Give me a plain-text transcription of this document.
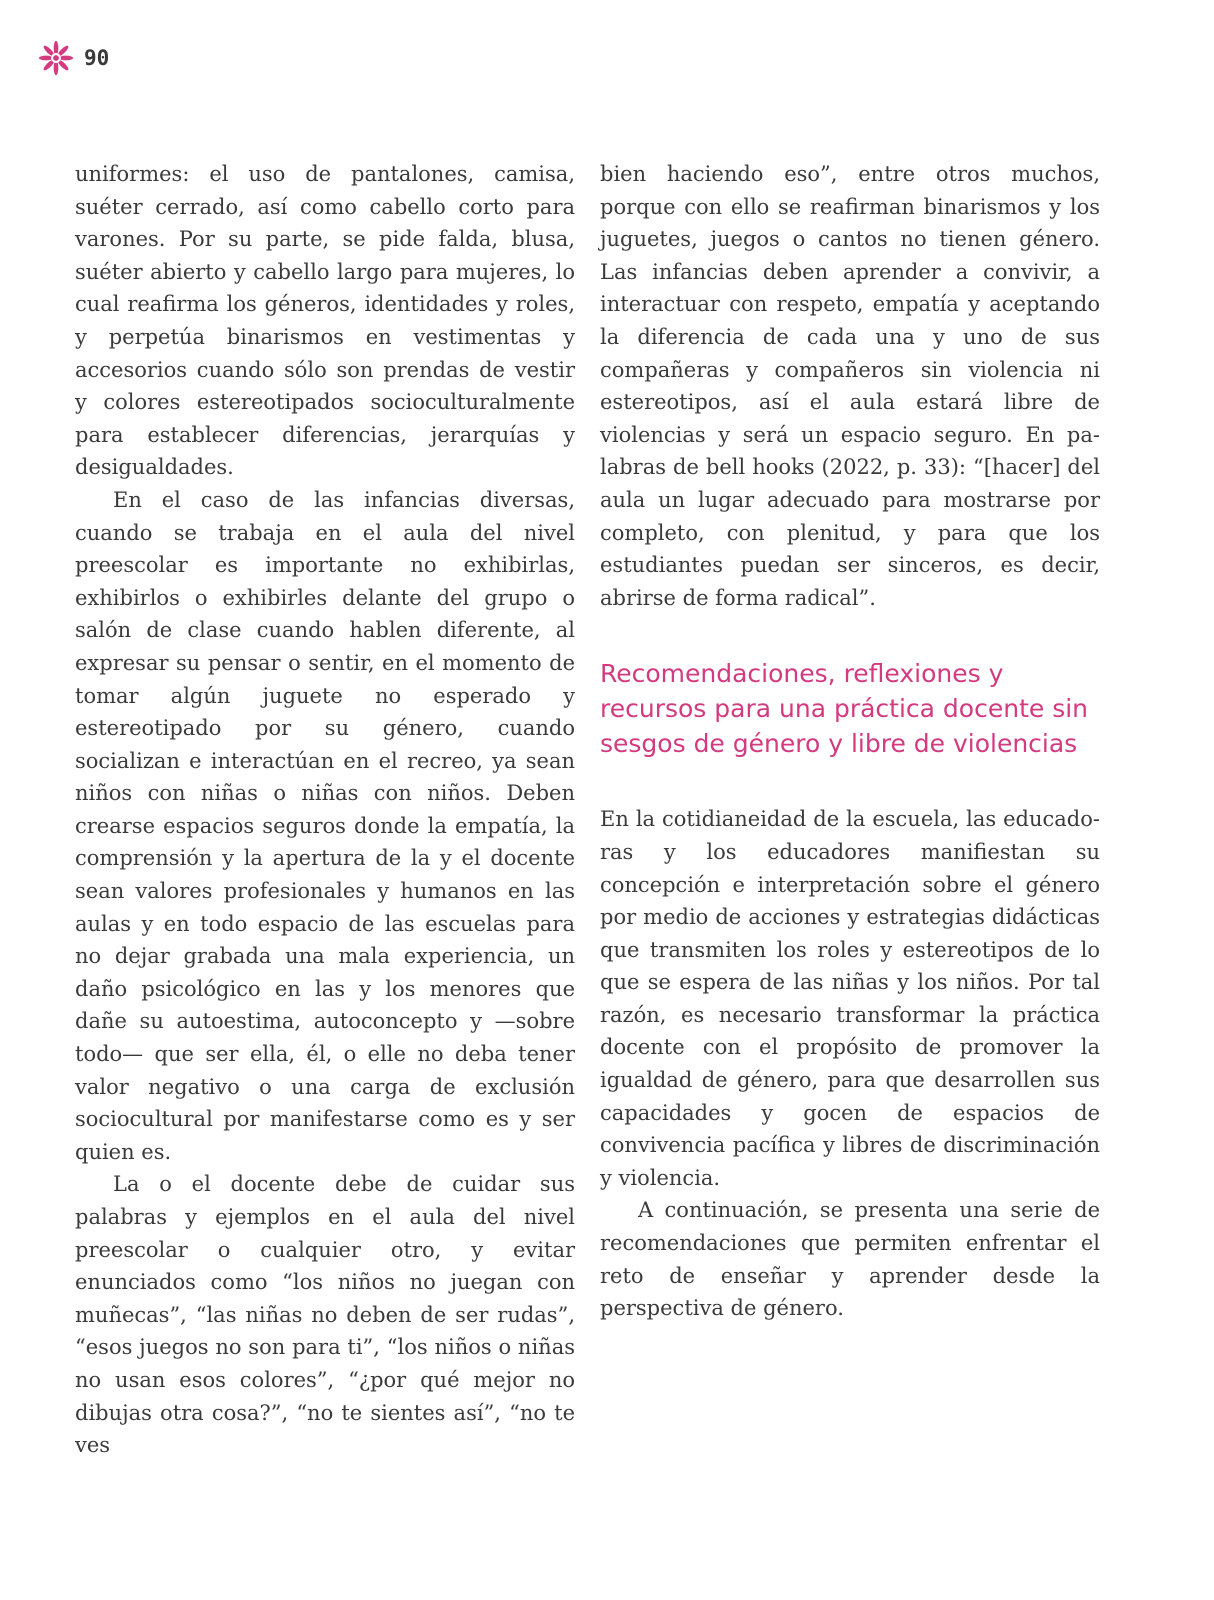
90

uniformes: el uso de pantalones, camisa, suéter cerrado, así como cabello corto para varones. Por su parte, se pide falda, blusa, suéter abierto y cabello largo para mujeres, lo cual reafirma los géneros, identidades y roles, y perpetúa binarismos en vestimentas y accesorios cuando sólo son prendas de vestir y colores estereotipados socioculturalmente para establecer diferencias, jerarquías y desigualdades.

En el caso de las infancias diversas, cuando se trabaja en el aula del nivel preescolar es importante no exhibirlas, exhibirlos o exhibirles delante del grupo o salón de clase cuando hablen diferente, al expresar su pensar o sentir, en el momento de tomar algún juguete no esperado y estereotipado por su género, cuando socializan e interactúan en el recreo, ya sean niños con niñas o niñas con niños. Deben crearse espacios seguros donde la empatía, la comprensión y la apertura de la y el docente sean valores profesionales y humanos en las aulas y en todo espacio de las escuelas para no dejar grabada una mala experiencia, un daño psicológico en las y los menores que dañe su autoestima, autoconcepto y —sobre todo— que ser ella, él, o elle no deba tener valor negativo o una carga de exclusión sociocultural por manifestarse como es y ser quien es.

La o el docente debe de cuidar sus palabras y ejemplos en el aula del nivel preescolar o cualquier otro, y evitar enunciados como “los niños no juegan con muñecas”, “las niñas no deben de ser rudas”, “esos juegos no son para ti”, “los niños o niñas no usan esos colores”, “¿por qué mejor no dibujas otra cosa?”, “no te sientes así”, “no te ves

bien haciendo eso”, entre otros muchos, porque con ello se reafirman binarismos y los juguetes, juegos o cantos no tienen género. Las infancias deben aprender a convivir, a interactuar con respeto, empatía y aceptando la diferencia de cada una y uno de sus compañeras y compañeros sin violencia ni estereotipos, así el aula estará libre de violencias y será un espacio seguro. En palabras de bell hooks (2022, p. 33): “[hacer] del aula un lugar adecuado para mostrarse por completo, con plenitud, y para que los estudiantes puedan ser sinceros, es decir, abrirse de forma radical”.

Recomendaciones, reflexiones y recursos para una práctica docente sin sesgos de género y libre de violencias

En la cotidianeidad de la escuela, las educadoras y los educadores manifiestan su concepción e interpretación sobre el género por medio de acciones y estrategias didácticas que transmiten los roles y estereotipos de lo que se espera de las niñas y los niños. Por tal razón, es necesario transformar la práctica docente con el propósito de promover la igualdad de género, para que desarrollen sus capacidades y gocen de espacios de convivencia pacífica y libres de discriminación y violencia.

A continuación, se presenta una serie de recomendaciones que permiten enfrentar el reto de enseñar y aprender desde la perspectiva de género.
